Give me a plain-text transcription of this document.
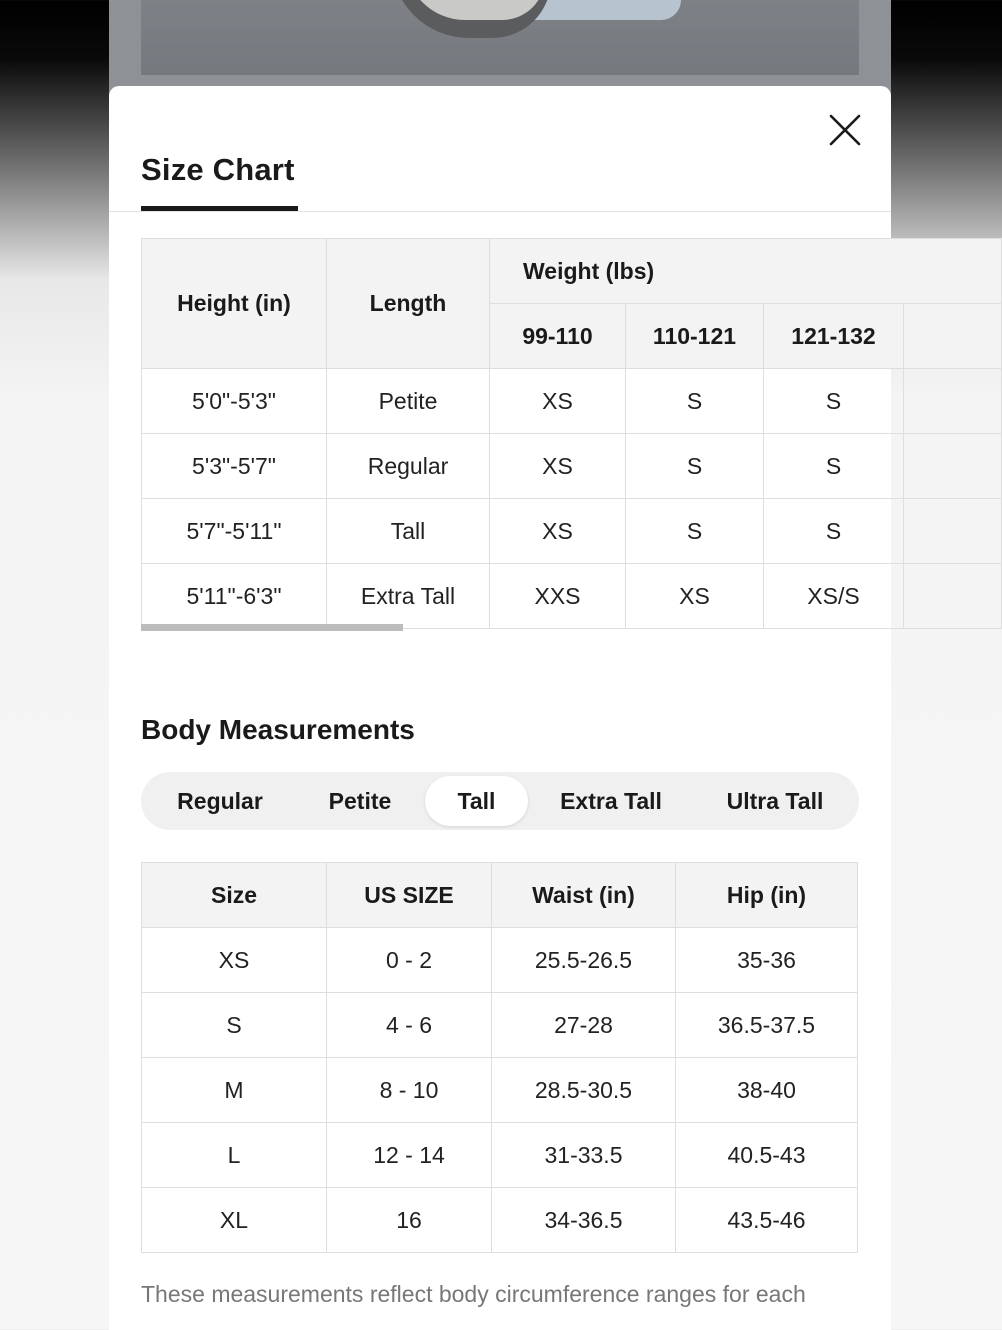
Size Chart
Height (in)	Length	Weight (lbs)			
		99-110	110-121	121-132	
5'0"-5'3"	Petite	XS	S	S	
5'3"-5'7"	Regular	XS	S	S	
5'7"-5'11"	Tall	XS	S	S	
5'11"-6'3"	Extra Tall	XXS	XS	XS/S	
Body Measurements
Regular	Petite	Tall	Extra Tall	Ultra Tall
Size	US SIZE	Waist (in)	Hip (in)
XS	0 - 2	25.5-26.5	35-36
S	4 - 6	27-28	36.5-37.5
M	8 - 10	28.5-30.5	38-40
L	12 - 14	31-33.5	40.5-43
XL	16	34-36.5	43.5-46
These measurements reflect body circumference ranges for each
